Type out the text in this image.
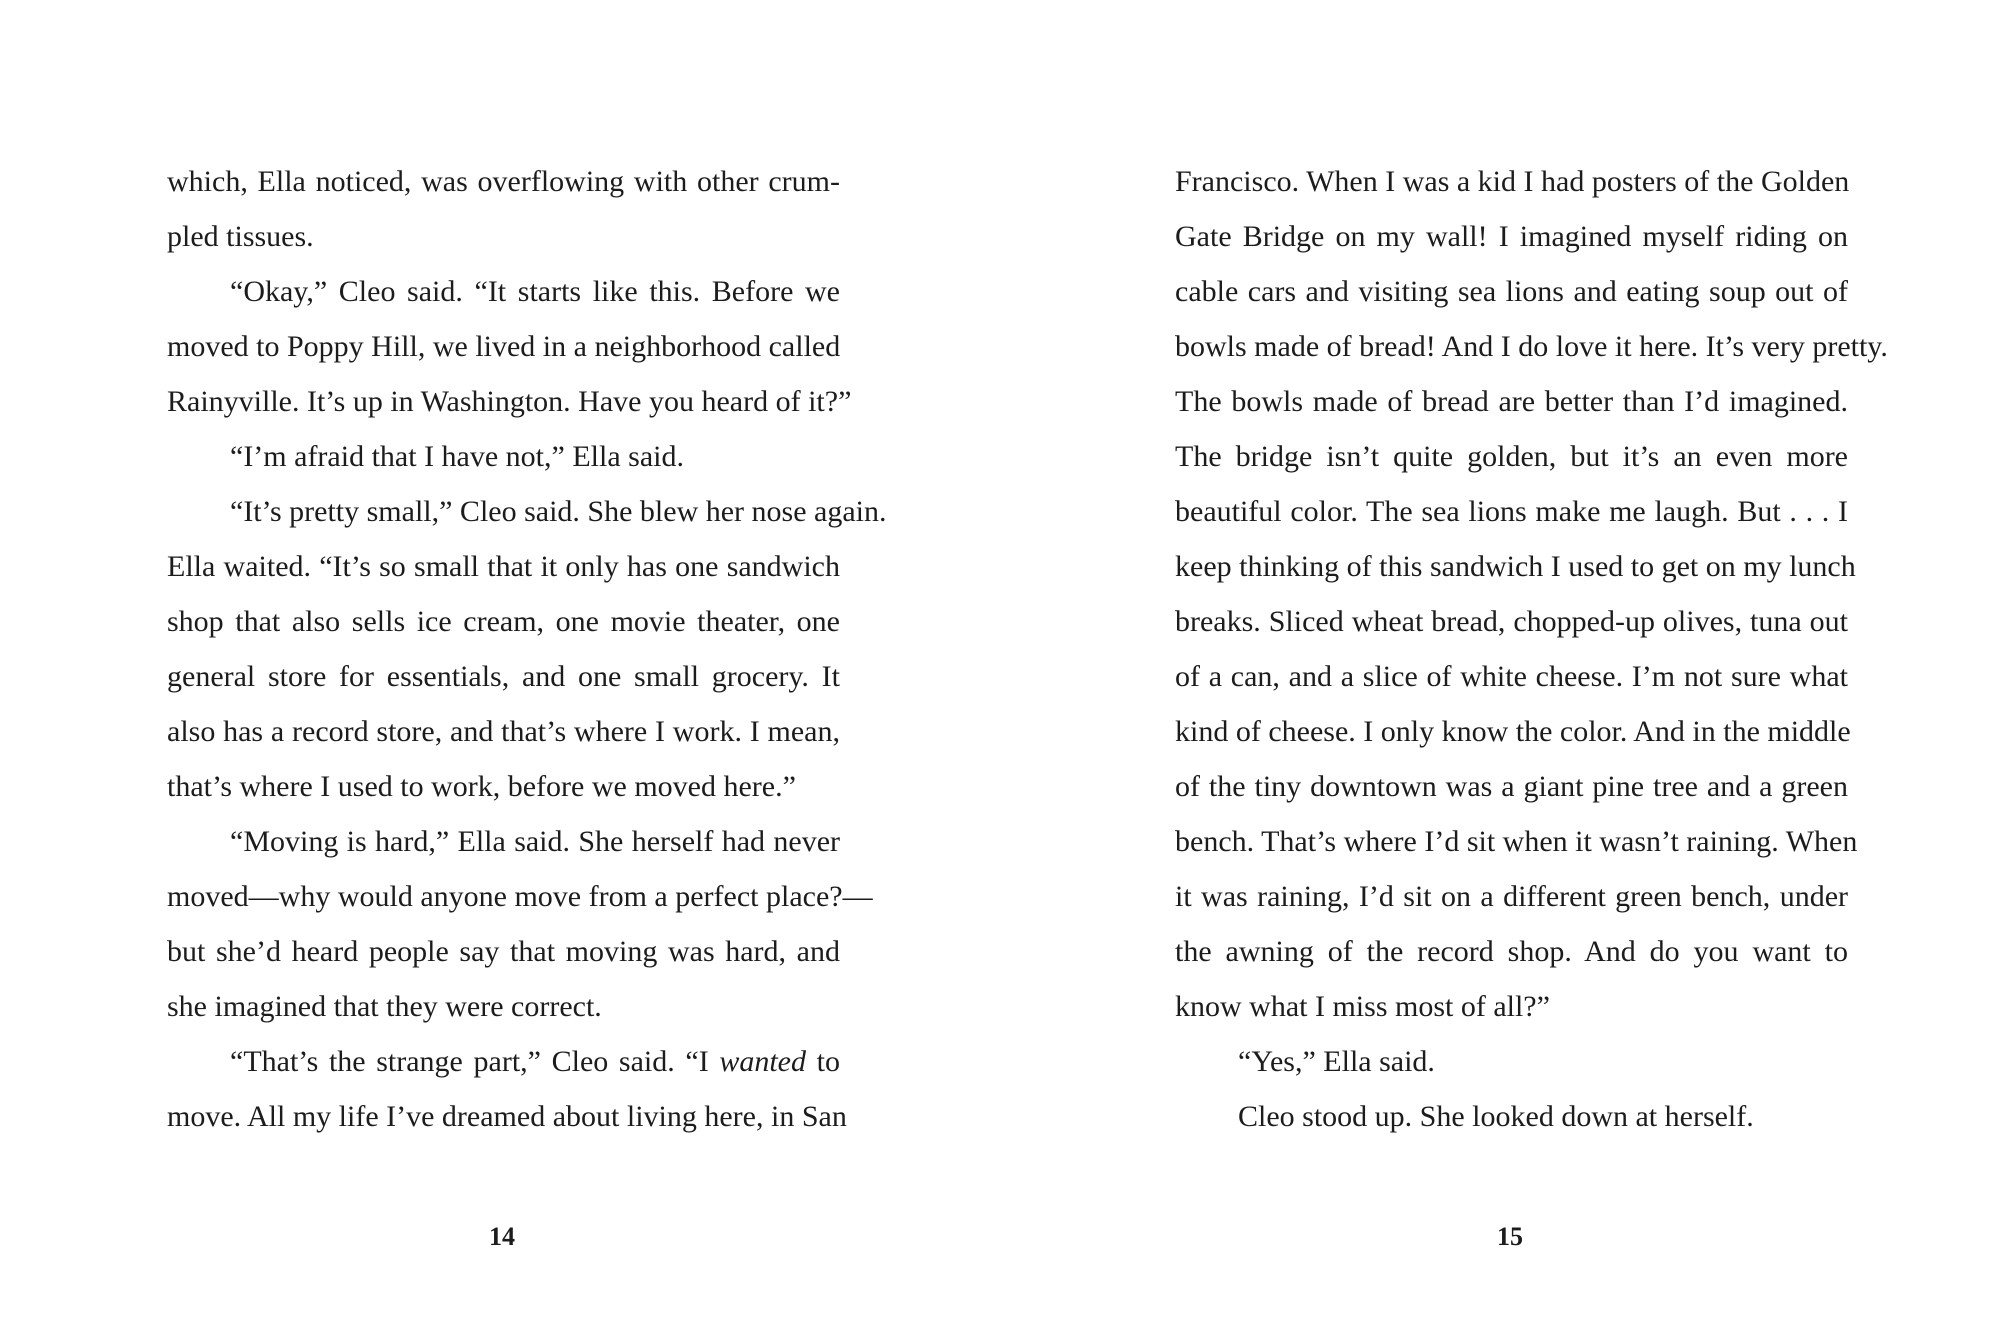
which, Ella noticed, was overflowing with other crum-
pled tissues.
“Okay,” Cleo said. “It starts like this. Before we
moved to Poppy Hill, we lived in a neighborhood called
Rainyville. It’s up in Washington. Have you heard of it?”
“I’m afraid that I have not,” Ella said.
“It’s pretty small,” Cleo said. She blew her nose again.
Ella waited. “It’s so small that it only has one sandwich
shop that also sells ice cream, one movie theater, one
general store for essentials, and one small grocery. It
also has a record store, and that’s where I work. I mean,
that’s where I used to work, before we moved here.”
“Moving is hard,” Ella said. She herself had never
moved—why would anyone move from a perfect place?—
but she’d heard people say that moving was hard, and
she imagined that they were correct.
“That’s the strange part,” Cleo said. “I wanted to
move. All my life I’ve dreamed about living here, in San
14
Francisco. When I was a kid I had posters of the Golden
Gate Bridge on my wall! I imagined myself riding on
cable cars and visiting sea lions and eating soup out of
bowls made of bread! And I do love it here. It’s very pretty.
The bowls made of bread are better than I’d imagined.
The bridge isn’t quite golden, but it’s an even more
beautiful color. The sea lions make me laugh. But . . . I
keep thinking of this sandwich I used to get on my lunch
breaks. Sliced wheat bread, chopped-up olives, tuna out
of a can, and a slice of white cheese. I’m not sure what
kind of cheese. I only know the color. And in the middle
of the tiny downtown was a giant pine tree and a green
bench. That’s where I’d sit when it wasn’t raining. When
it was raining, I’d sit on a different green bench, under
the awning of the record shop. And do you want to
know what I miss most of all?”
“Yes,” Ella said.
Cleo stood up. She looked down at herself.
15
